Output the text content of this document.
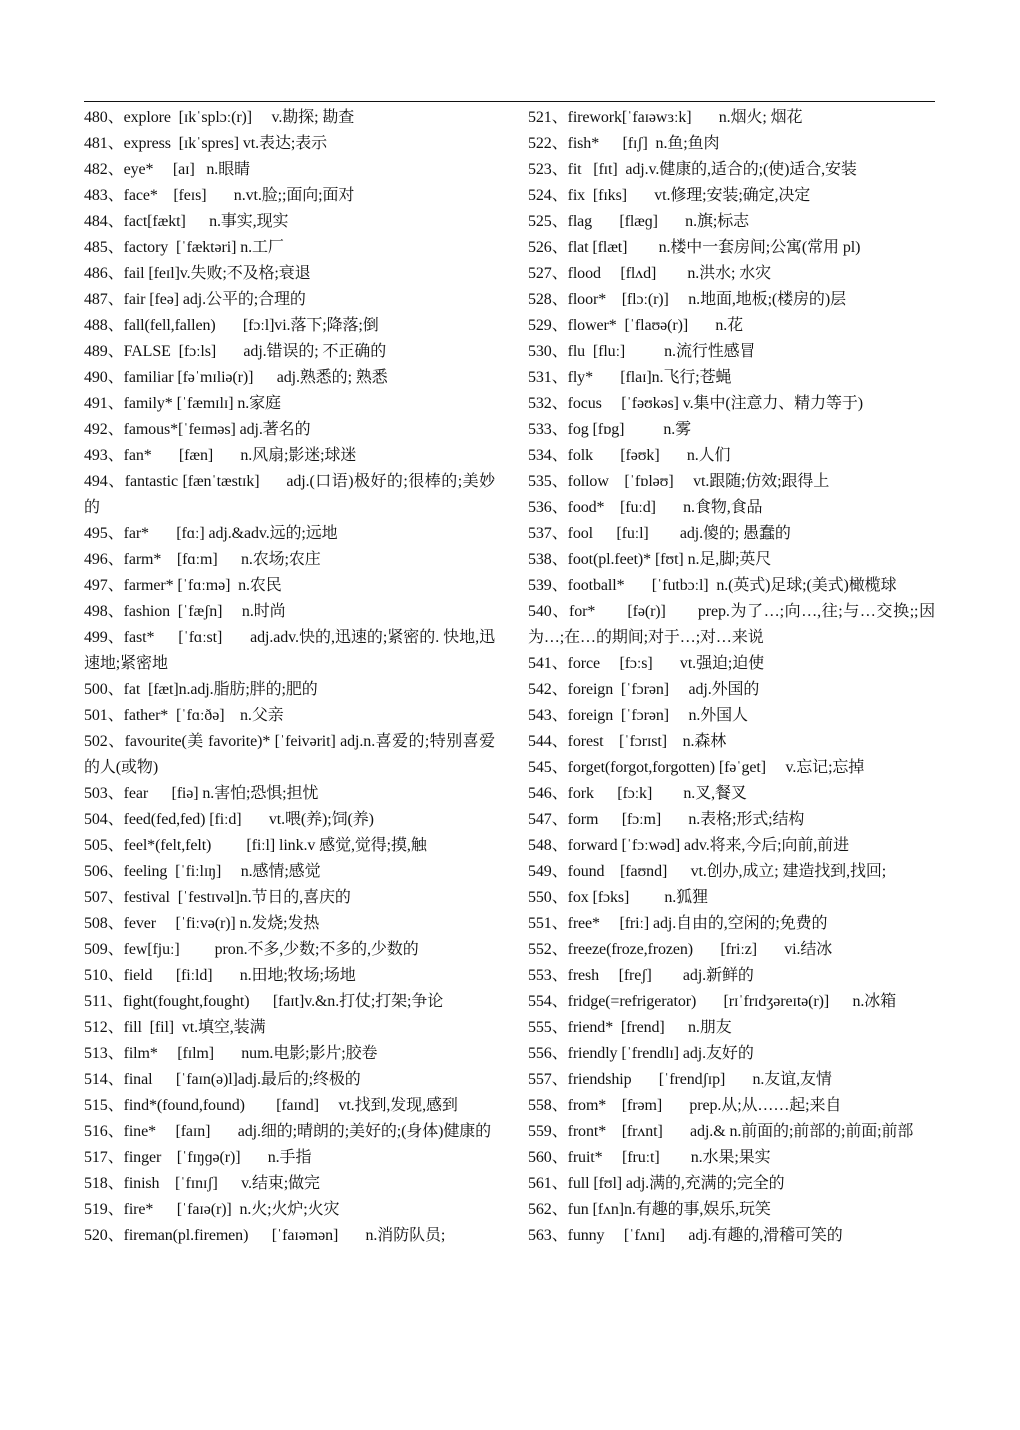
480、explore  [ɪkˈsplɔː(r)]     v.勘探; 勘查

481、express  [ɪkˈspres] vt.表达;表示

482、eye*     [aɪ]   n.眼睛

483、face*    [feɪs]       n.vt.脸;;面向;面对

484、fact[fækt]      n.事实,现实

485、factory  [ˈfæktəri] n.工厂

486、fail [feɪl]v.失败;不及格;衰退

487、fair [feə] adj.公平的;合理的

488、fall(fell,fallen)       [fɔːl]vi.落下;降落;倒

489、FALSE  [fɔːls]       adj.错误的; 不正确的

490、familiar [fəˈmɪliə(r)]      adj.熟悉的; 熟悉

491、family* [ˈfæmɪlɪ] n.家庭

492、famous*[ˈfeɪməs] adj.著名的

493、fan*       [fæn]       n.风扇;影迷;球迷

494、fantastic [fænˈtæstɪk]      adj.(口语)极好的;很棒的;美妙的

495、far*       [fɑː] adj.&adv.远的;远地

496、farm*    [fɑːm]      n.农场;农庄

497、farmer* [ˈfɑːmə]  n.农民

498、fashion  [ˈfæʃn]     n.时尚

499、fast*      [ˈfɑːst]       adj.adv.快的,迅速的;紧密的. 快地,迅速地;紧密地

500、fat  [fæt]n.adj.脂肪;胖的;肥的

501、father*  [ˈfɑːðə]    n.父亲

502、favourite(美 favorite)* [ˈfeivərit] adj.n.喜爱的;特别喜爱的人(或物)

503、fear      [fiə] n.害怕;恐惧;担忧

504、feed(fed,fed) [fiːd]       vt.喂(养);饲(养)

505、feel*(felt,felt)         [fiːl] link.v 感觉,觉得;摸,触

506、feeling  [ˈfiːlɪŋ]     n.感情;感觉

507、festival  [ˈfestɪvəl]n.节日的,喜庆的

508、fever     [ˈfiːvə(r)] n.发烧;发热

509、few[fjuː]         pron.不多,少数;不多的,少数的

510、field      [fiːld]       n.田地;牧场;场地

511、fight(fought,fought)      [faɪt]v.&n.打仗;打架;争论

512、fill  [fil]  vt.填空,装满

513、film*     [fɪlm]       num.电影;影片;胶卷

514、final      [ˈfaɪn(ə)l]adj.最后的;终极的

515、find*(found,found)        [faɪnd]     vt.找到,发现,感到

516、fine*     [faɪn]       adj.细的;晴朗的;美好的;(身体)健康的

517、finger    [ˈfɪŋɡə(r)]       n.手指

518、finish    [ˈfɪnɪʃ]      v.结束;做完

519、fire*      [ˈfaɪə(r)]  n.火;火炉;火灾

520、fireman(pl.firemen)      [ˈfaɪəmən]       n.消防队员;

521、firework[ˈfaɪəwɜːk]       n.烟火; 烟花

522、fish*      [fɪʃ]  n.鱼;鱼肉

523、fit   [fɪt]  adj.v.健康的,适合的;(使)适合,安装

524、fix  [fɪks]       vt.修理;安装;确定,决定

525、flag       [flæɡ]       n.旗;标志

526、flat [flæt]        n.楼中一套房间;公寓(常用 pl)

527、flood     [flʌd]        n.洪水; 水灾

528、floor*    [flɔː(r)]     n.地面,地板;(楼房的)层

529、flower*  [ˈflaʊə(r)]       n.花

530、flu  [fluː]          n.流行性感冒

531、fly*       [flaɪ]n.飞行;苍蝇

532、focus     [ˈfəʊkəs] v.集中(注意力、精力等于)

533、fog [fɒg]          n.雾

534、folk       [fəʊk]       n.人们

535、follow    [ˈfɒləʊ]     vt.跟随;仿效;跟得上

536、food*    [fuːd]       n.食物,食品

537、fool      [fuːl]        adj.傻的; 愚蠢的

538、foot(pl.feet)* [fʊt] n.足,脚;英尺

539、football*       [ˈfutbɔːl]  n.(英式)足球;(美式)橄榄球

540、for*       [fə(r)]       prep.为了…;向…,往;与…交换;;因为…;在…的期间;对于…;对…来说

541、force     [fɔːs]       vt.强迫;迫使

542、foreign  [ˈfɔrən]     adj.外国的

543、foreign  [ˈfɔrən]     n.外国人

544、forest    [ˈfɔrɪst]    n.森林

545、forget(forgot,forgotten) [fəˈget]     v.忘记;忘掉

546、fork      [fɔːk]        n.叉,餐叉

547、form      [fɔːm]       n.表格;形式;结构

548、forward [ˈfɔːwəd] adv.将来,今后;向前,前进

549、found    [faʊnd]      vt.创办,成立; 建造找到,找回;

550、fox [fɔks]         n.狐狸

551、free*     [friː] adj.自由的,空闲的;免费的

552、freeze(froze,frozen)       [friːz]       vi.结冰

553、fresh     [freʃ]        adj.新鲜的

554、fridge(=refrigerator)       [rɪˈfrɪdʒəreɪtə(r)]      n.冰箱

555、friend*  [frend]      n.朋友

556、friendly [ˈfrendlɪ] adj.友好的

557、friendship       [ˈfrendʃɪp]       n.友谊,友情

558、from*    [frəm]       prep.从;从……起;来自

559、front*    [frʌnt]       adj.& n.前面的;前部的;前面;前部

560、fruit*     [fruːt]        n.水果;果实

561、full [fʊl] adj.满的,充满的;完全的

562、fun [fʌn]n.有趣的事,娱乐,玩笑

563、funny     [ˈfʌnɪ]      adj.有趣的,滑稽可笑的
